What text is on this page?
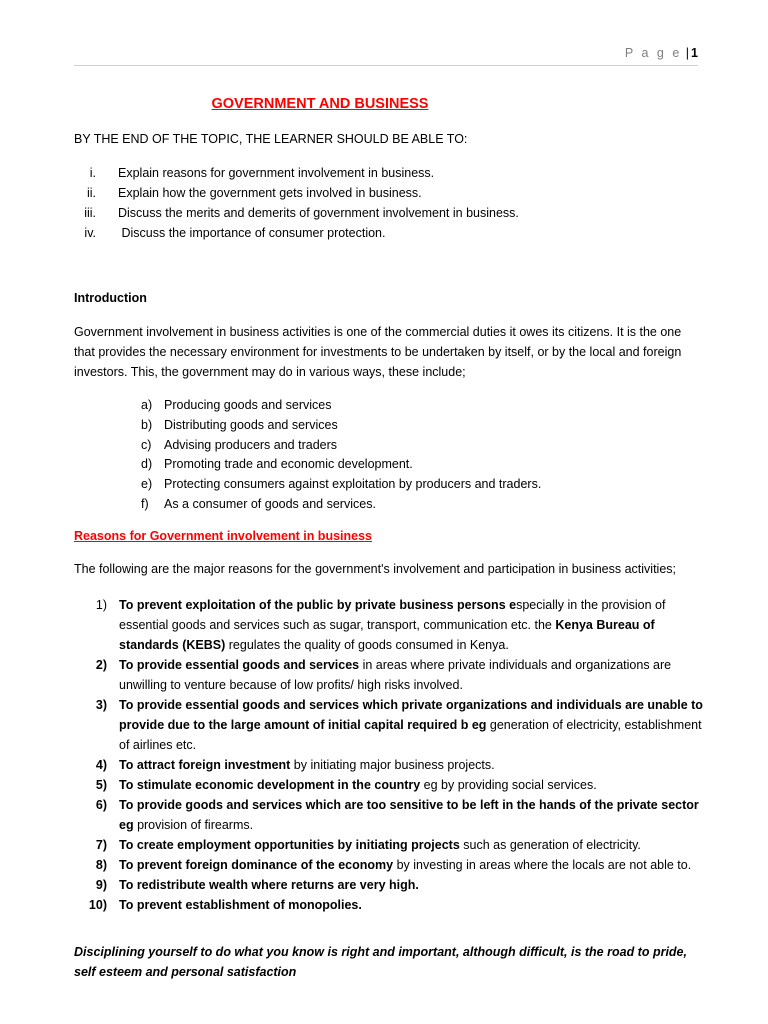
P a g e | 1
GOVERNMENT AND BUSINESS
BY THE END OF THE TOPIC, THE LEARNER SHOULD BE ABLE TO:
i. Explain reasons for government involvement in business.
ii. Explain how the government gets involved in business.
iii. Discuss the merits and demerits of government involvement in business.
iv. Discuss the importance of consumer protection.
Introduction
Government involvement in business activities is one of the commercial duties it owes its citizens. It is the one that provides the necessary environment for investments to be undertaken by itself, or by the local and foreign investors. This, the government may do in various ways, these include;
a) Producing goods and services
b) Distributing goods and services
c) Advising producers and traders
d) Promoting trade and economic development.
e) Protecting consumers against exploitation by producers and traders.
f) As a consumer of goods and services.
Reasons for Government involvement in business
The following are the major reasons for the government's involvement and participation in business activities;
1) To prevent exploitation of the public by private business persons especially in the provision of essential goods and services such as sugar, transport, communication etc. the Kenya Bureau of standards (KEBS) regulates the quality of goods consumed in Kenya.
2) To provide essential goods and services in areas where private individuals and organizations are unwilling to venture because of low profits/ high risks involved.
3) To provide essential goods and services which private organizations and individuals are unable to provide due to the large amount of initial capital required b eg generation of electricity, establishment of airlines etc.
4) To attract foreign investment by initiating major business projects.
5) To stimulate economic development in the country eg by providing social services.
6) To provide goods and services which are too sensitive to be left in the hands of the private sector eg provision of firearms.
7) To create employment opportunities by initiating projects such as generation of electricity.
8) To prevent foreign dominance of the economy by investing in areas where the locals are not able to.
9) To redistribute wealth where returns are very high.
10) To prevent establishment of monopolies.
Disciplining yourself to do what you know is right and important, although difficult, is the road to pride, self esteem and personal satisfaction
